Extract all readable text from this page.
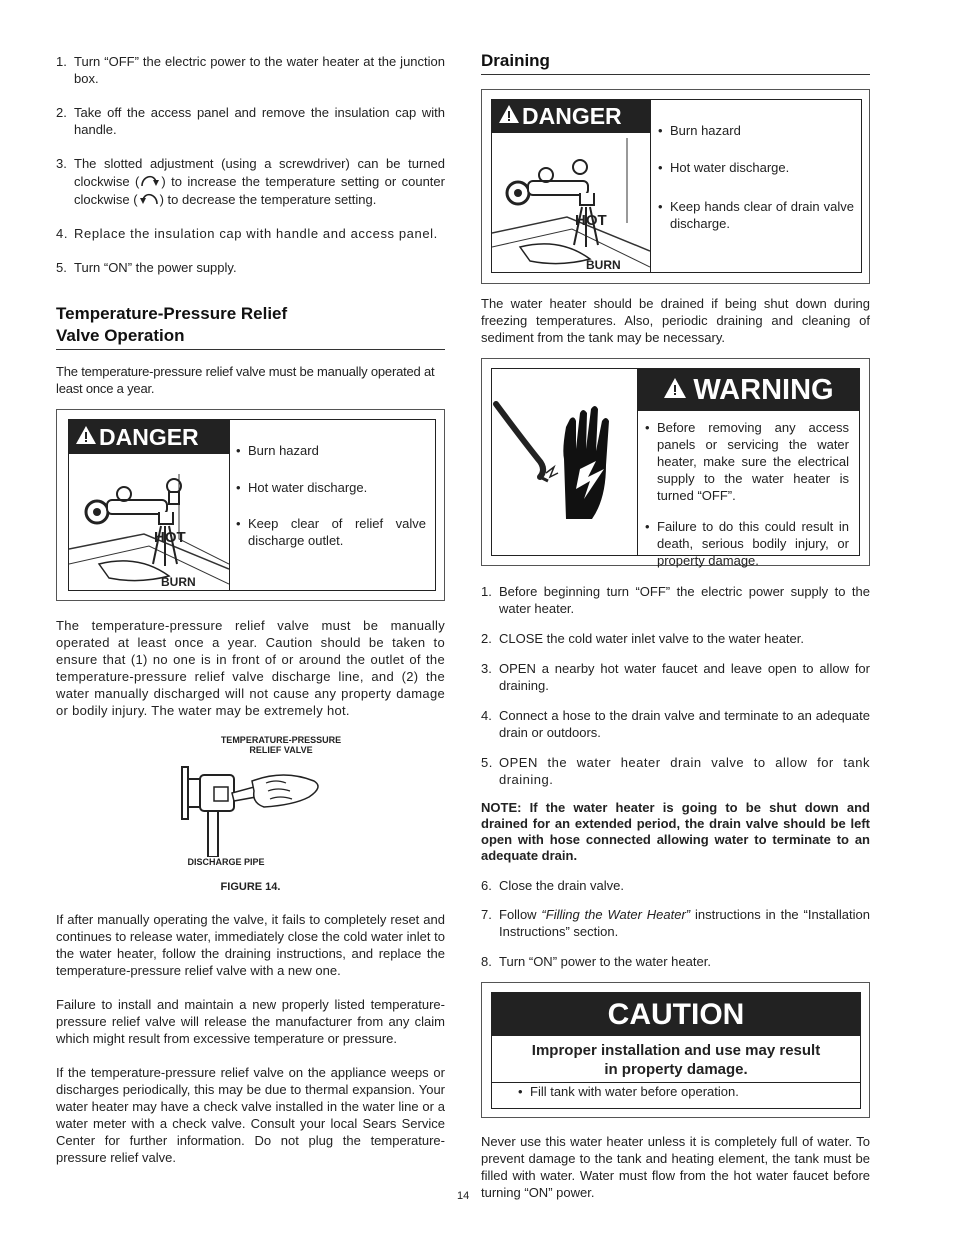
1. Turn “OFF” the electric power to the water heater at the junction box.
2. Take off the access panel and remove the insulation cap with handle.
3. The slotted adjustment (using a screwdriver) can be turned clockwise ( ) to increase the temperature setting or counter clockwise ( ) to decrease the temperature setting.
4. Replace the insulation cap with handle and access panel.
5. Turn “ON” the power supply.
Temperature-Pressure Relief
Valve Operation

The temperature-pressure relief valve must be manually operated at least once a year.

DANGER
HOT
BURN
• Burn hazard
• Hot water discharge.
• Keep clear of relief valve discharge outlet.

The temperature-pressure relief valve must be manually operated at least once a year. Caution should be taken to ensure that (1) no one is in front of or around the outlet of the temperature-pressure relief valve discharge line, and (2) the water manually discharged will not cause any property damage or bodily injury. The water may be extremely hot.

TEMPERATURE-PRESSURE
RELIEF VALVE
DISCHARGE PIPE
FIGURE 14.

If after manually operating the valve, it fails to completely reset and continues to release water, immediately close the cold water inlet to the water heater, follow the draining instructions, and replace the temperature-pressure relief valve with a new one.

Failure to install and maintain a new properly listed temperature-pressure relief valve will release the manufacturer from any claim which might result from excessive temperature or pressure.

If the temperature-pressure relief valve on the appliance weeps or discharges periodically, this may be due to thermal expansion. Your water heater may have a check valve installed in the water line or a water meter with a check valve. Consult your local Sears Service Center for further information. Do not plug the temperature-pressure relief valve.

Draining
DANGER
HOT
BURN
• Burn hazard
• Hot water discharge.
• Keep hands clear of drain valve discharge.

The water heater should be drained if being shut down during freezing temperatures. Also, periodic draining and cleaning of sediment from the tank may be necessary.

WARNING
• Before removing any access panels or servicing the water heater, make sure the electrical supply to the water heater is turned “OFF”.
• Failure to do this could result in death, serious bodily injury, or property damage.
1. Before beginning turn “OFF” the electric power supply to the water heater.
2. CLOSE the cold water inlet valve to the water heater.
3. OPEN a nearby hot water faucet and leave open to allow for draining.
4. Connect a hose to the drain valve and terminate to an adequate drain or outdoors.
5. OPEN the water heater drain valve to allow for tank draining.

NOTE: If the water heater is going to be shut down and drained for an extended period, the drain valve should be left open with hose connected allowing water to terminate to an adequate drain.

6. Close the drain valve.
7. Follow “Filling the Water Heater” instructions in the “Installation Instructions” section.
8. Turn “ON” power to the water heater.
CAUTION
Improper installation and use may result
in property damage.
• Fill tank with water before operation.

Never use this water heater unless it is completely full of water. To prevent damage to the tank and heating element, the tank must be filled with water. Water must flow from the hot water faucet before turning “ON” power.

14
